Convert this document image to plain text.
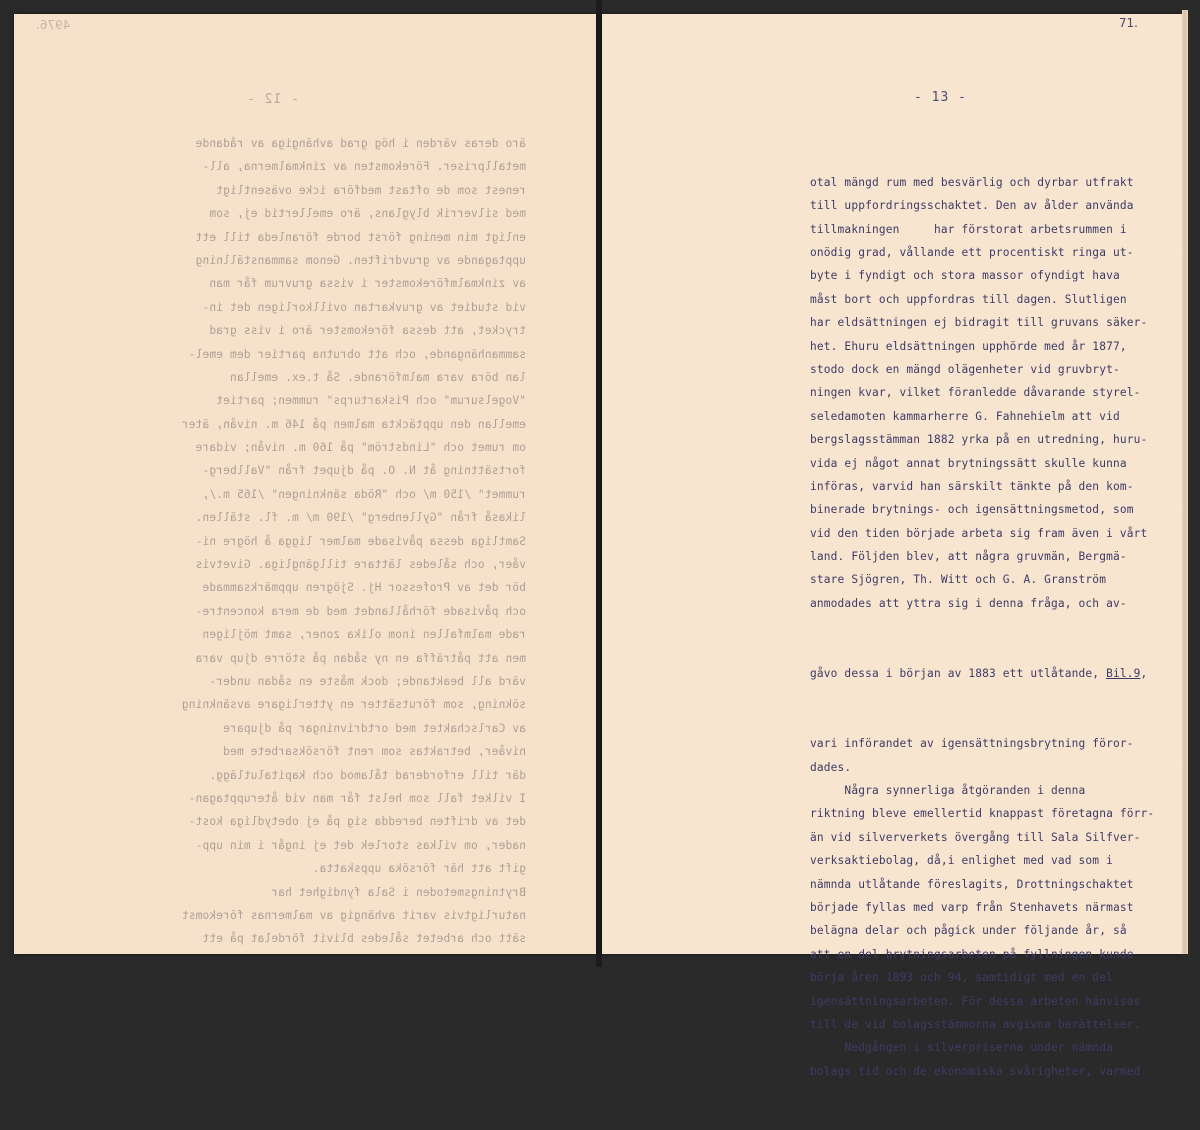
4976.
- 12 -
äro deras värden i hög grad avhängiga av rådande
metallpriser. Förekomsten av zinkmalmerna, all-
renest som de oftast medföra icke oväsentligt
med silverrik blyglans, äro emellertid ej, som
enligt min mening först borde föranleda till ett
upptagande av gruvdriften. Genom sammanställning
av zinkmalmförekomster i vissa gruvrum får man
vid studiet av gruvkartan ovillkorligen det in-
trycket, att dessa förekomster äro i viss grad
sammanhängande, och att obrutna partier dem emel-
lan böra vara malmförande. Så t.ex. emellan
"Vogelsurum" och Piskarturps" rummen; partiet
emellan den upptäckta malmen på 146 m. nivån, äter
om rumet och "Lindström" på 160 m. nivån; vidare
fortsättning åt N. O. på djupet från "Vallberg-
rummet" /150 m/ och "Röda sänkningen" /165 m./,
likaså från "Gyllenberg" /190 m/ m. fl. ställen.
Samtliga dessa påvisade malmer ligga å högre ni-
våer, och således lättare tillgängliga. Givetvis
bör det av Professor Hj. Sjögren uppmärksammade
och påvisade förhållandet med de mera koncentre-
rade malmfallen inom olika zoner, samt möjligen
men att påträffa en ny sådan på större djup vara
värd all beaktande; dock måste en sådan under-
sökning, som förutsätter en ytterligare avsänkning
av Carlschaktet med ortdrivningar på djupare
nivåer, betraktas som rent försöksarbete med
där till erforderad tålamod och kapitalutlägg.
I vilket fall som helst får man vid återupptagan-
det av driften beredda sig på ej obetydliga kost-
nader, om vilkas storlek det ej ingår i min upp-
gift att här försöka uppskatta.
Brytningsmetoden i Sala fyndighet har
naturligtvis varit avhängig av malmernas förekomst
sätt och arbetet således blivit fördelat på ett
71.
- 13 -

otal mängd rum med besvärlig och dyrbar utfrakt
till uppfordringsschaktet. Den av ålder använda
tillmakningen     har förstorat arbetsrummen i
onödig grad, vållande ett procentiskt ringa ut-
byte i fyndigt och stora massor ofyndigt hava
måst bort och uppfordras till dagen. Slutligen
har eldsättningen ej bidragit till gruvans säker-
het. Ehuru eldsättningen upphörde med år 1877,
stodo dock en mängd olägenheter vid gruvbryt-
ningen kvar, vilket föranledde dåvarande styrel-
seledamoten kammarherre G. Fahnehielm att vid
bergslagsstämman 1882 yrka på en utredning, huru-
vida ej något annat brytningssätt skulle kunna
införas, varvid han särskilt tänkte på den kom-
binerade brytnings- och igensättningsmetod, som
vid den tiden började arbeta sig fram även i vårt
land. Följden blev, att några gruvmän, Bergmä-
stare Sjögren, Th. Witt och G. A. Granström
anmodades att yttra sig i denna fråga, och av-

gåvo dessa i början av 1883 ett utlåtande, Bil.9,

vari införandet av igensättningsbrytning föror-
dades.
Några synnerliga åtgöranden i denna
riktning bleve emellertid knappast företagna förr-
än vid silververkets övergång till Sala Silfver-
verksaktiebolag, då,i enlighet med vad som i
nämnda utlåtande föreslagits, Drottningschaktet
började fyllas med varp från Stenhavets närmast
belägna delar och pågick under följande år, så
att en del brytningsarbeten på fyllningen kunde
börja åren 1893 och 94, samtidigt med en del
igensättningsarbeten. För dessa arbeten hänvisas
till de vid bolagsstämmorna avgivna berättelser.
Nedgången i silverpriserna under nämnda
bolags tid och de ekonomiska svårigheter, varmed
